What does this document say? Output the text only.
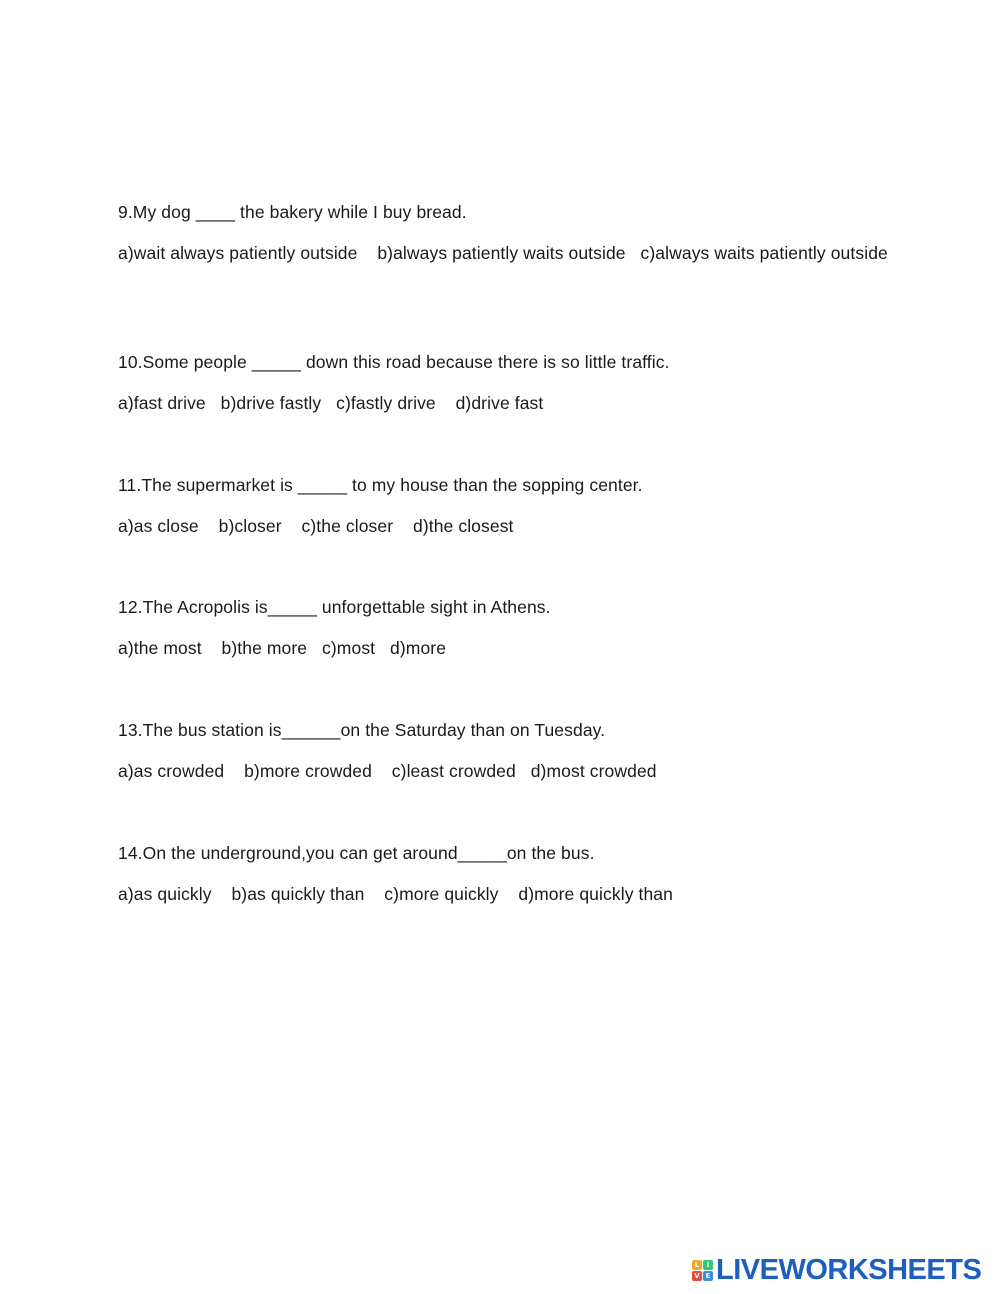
9.My dog ____ the bakery while I buy bread.

a)wait always patiently outside    b)always patiently waits outside   c)always waits patiently outside

10.Some people _____ down this road because there is so little traffic.

a)fast drive   b)drive fastly   c)fastly drive    d)drive fast

11.The supermarket is _____ to my house than the sopping center.

a)as close    b)closer    c)the closer    d)the closest

12.The Acropolis is_____ unforgettable sight in Athens.

a)the most    b)the more   c)most   d)more

13.The bus station is______on the Saturday than on Tuesday.

a)as crowded    b)more crowded    c)least crowded   d)most crowded

14.On the underground,you can get around_____on the bus.

a)as quickly    b)as quickly than    c)more quickly    d)more quickly than

L	I
V E LIVEWORKSHEETS
